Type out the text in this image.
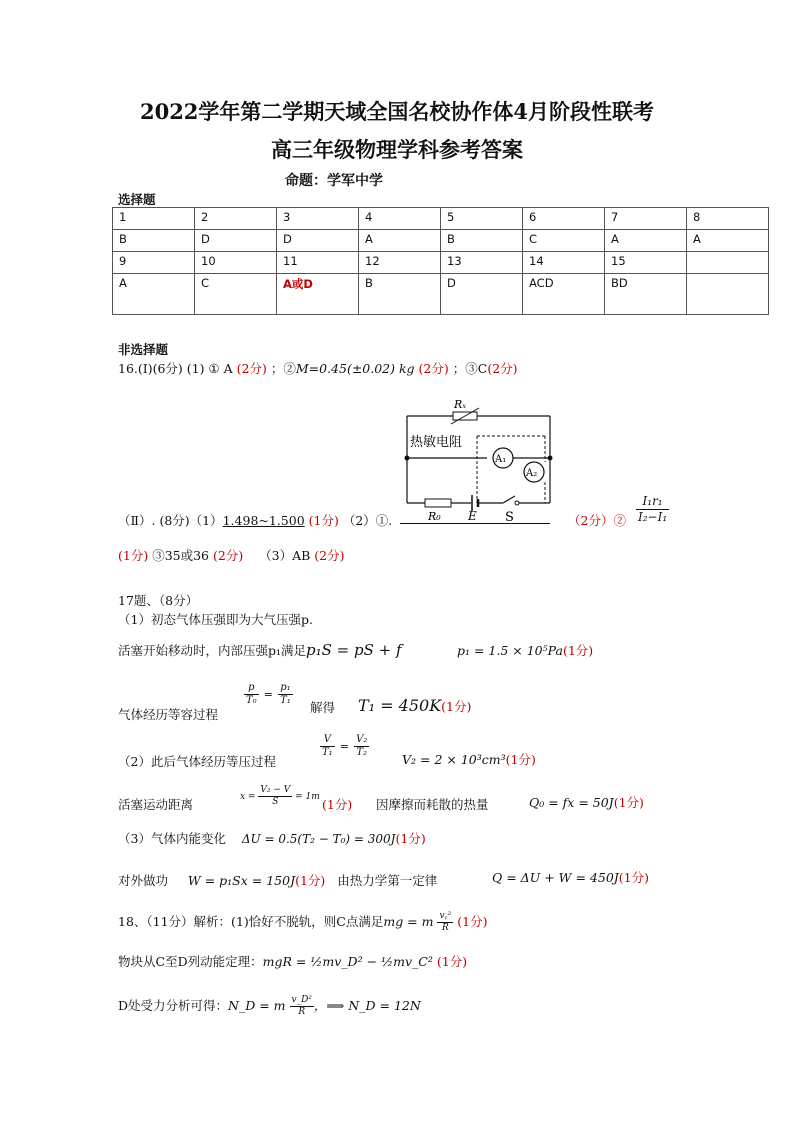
2022学年第二学期天域全国名校协作体4月阶段性联考
高三年级物理学科参考答案
命题：学军中学
选择题
1	2	3	4	5	6	7	8
B	D	D	A	B	C	A	A
9	10	11	12	13	14	15	
A	C	A或D	B	D	ACD	BD	
非选择题
16.(I)(6分) (1) ① A (2分) ；②M=0.45(±0.02) kg (2分) ；③C(2分)
Rₓ
A₁
A₂
热敏电阻
R₀ E S
（Ⅱ）. (8分)（1）1.498~1.500 (1分) （2）①.	（2分）② $\frac{\text{I₁r₁}}{\text{I₂−I₁}}$
(1分) ③35或36 (2分) （3）AB (2分)
17题、（8分）
（1）初态气体压强即为大气压强p.
活塞开始移动时，内部压强p₁满足p₁S = pS + f	p₁ = 1.5 × 10⁵Pa(1分)
气体经历等容过程
$\frac{p}{\text{T₀}} = \frac{\text{p₁}}{\text{T₁}}$
解得 T₁ = 450K(1分)
（2）此后气体经历等压过程
$\frac{V}{\text{T₁}} = \frac{\text{V₂}}{\text{T₂}}$
V₂ = 2 × 10³cm³(1分)
活塞运动距离	$x = \frac{\text{V₂ − V}}{S} = 1m$ (1分) 因摩擦而耗散的热量	Q₀ = fx = 50J(1分)
（3）气体内能变化 ΔU = 0.5(T₂ − T₀) = 300J(1分)
对外做功 W = p₁Sx = 150J(1分) 由热力学第一定律	Q = ΔU + W = 450J(1分)
18、（11分）解析：(1)恰好不脱轨，则C点满足mg = m $\frac{\text{v꜀²}}{R} (1$分)
物块从C至D列动能定理：mgR = ½mv_D² − ½mv_C² (1分)
D处受力分析可得：N_D = m $\frac{\text{v\_D²}}{R}$ ，⟹ N_D = 12N
